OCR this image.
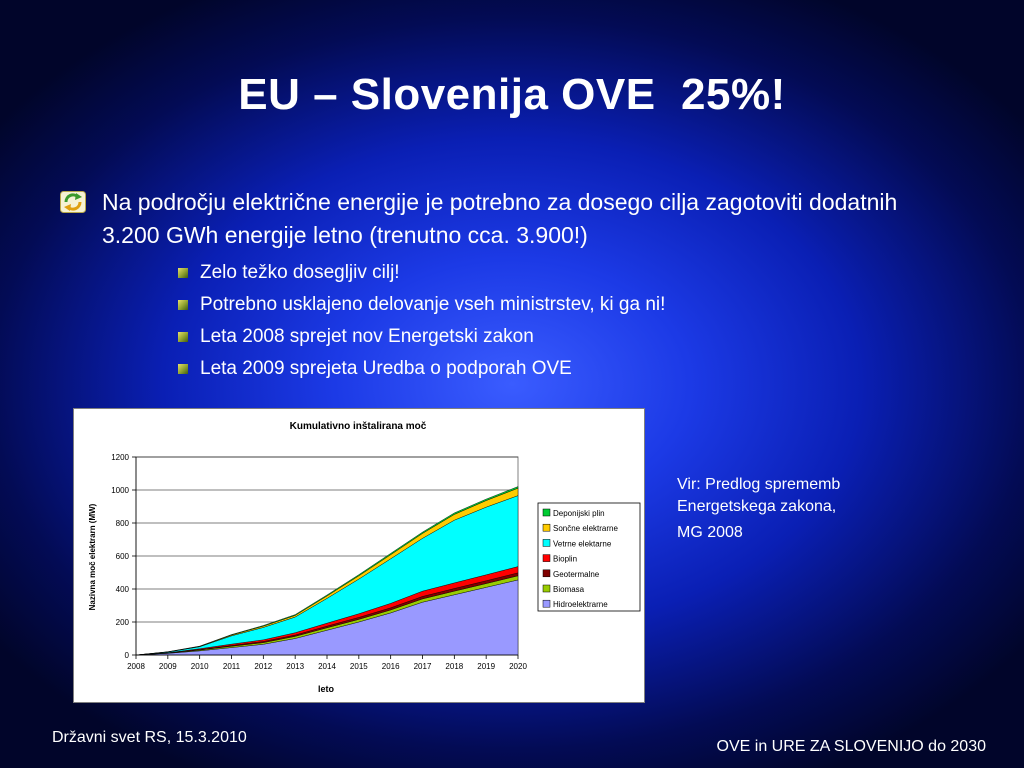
EU – Slovenija OVE  25%!
Na področju električne energije je potrebno za dosego cilja zagotoviti dodatnih 3.200 GWh energije letno (trenutno cca. 3.900!)
Zelo težko dosegljiv cilj!
Potrebno usklajeno delovanje vseh ministrstev, ki ga ni!
Leta 2008 sprejet nov Energetski zakon
Leta 2009 sprejeta Uredba o podporah OVE
Kumulativno inštalirana moč
Nazivna moč elektrarn (MW)
leto
0
200
400
600
800
1000
1200
2008 2009 2010 2011 2012 2013 2014 2015 2016 2017 2018 2019 2020
Deponijski plin
Sončne elektrarne
Vetrne elektarne
Bioplin
Geotermalne
Biomasa
Hidroelektrarne
Vir: Predlog sprememb
Energetskega zakona,
MG 2008
Državni svet RS, 15.3.2010
OVE in URE ZA SLOVENIJO do 2030
